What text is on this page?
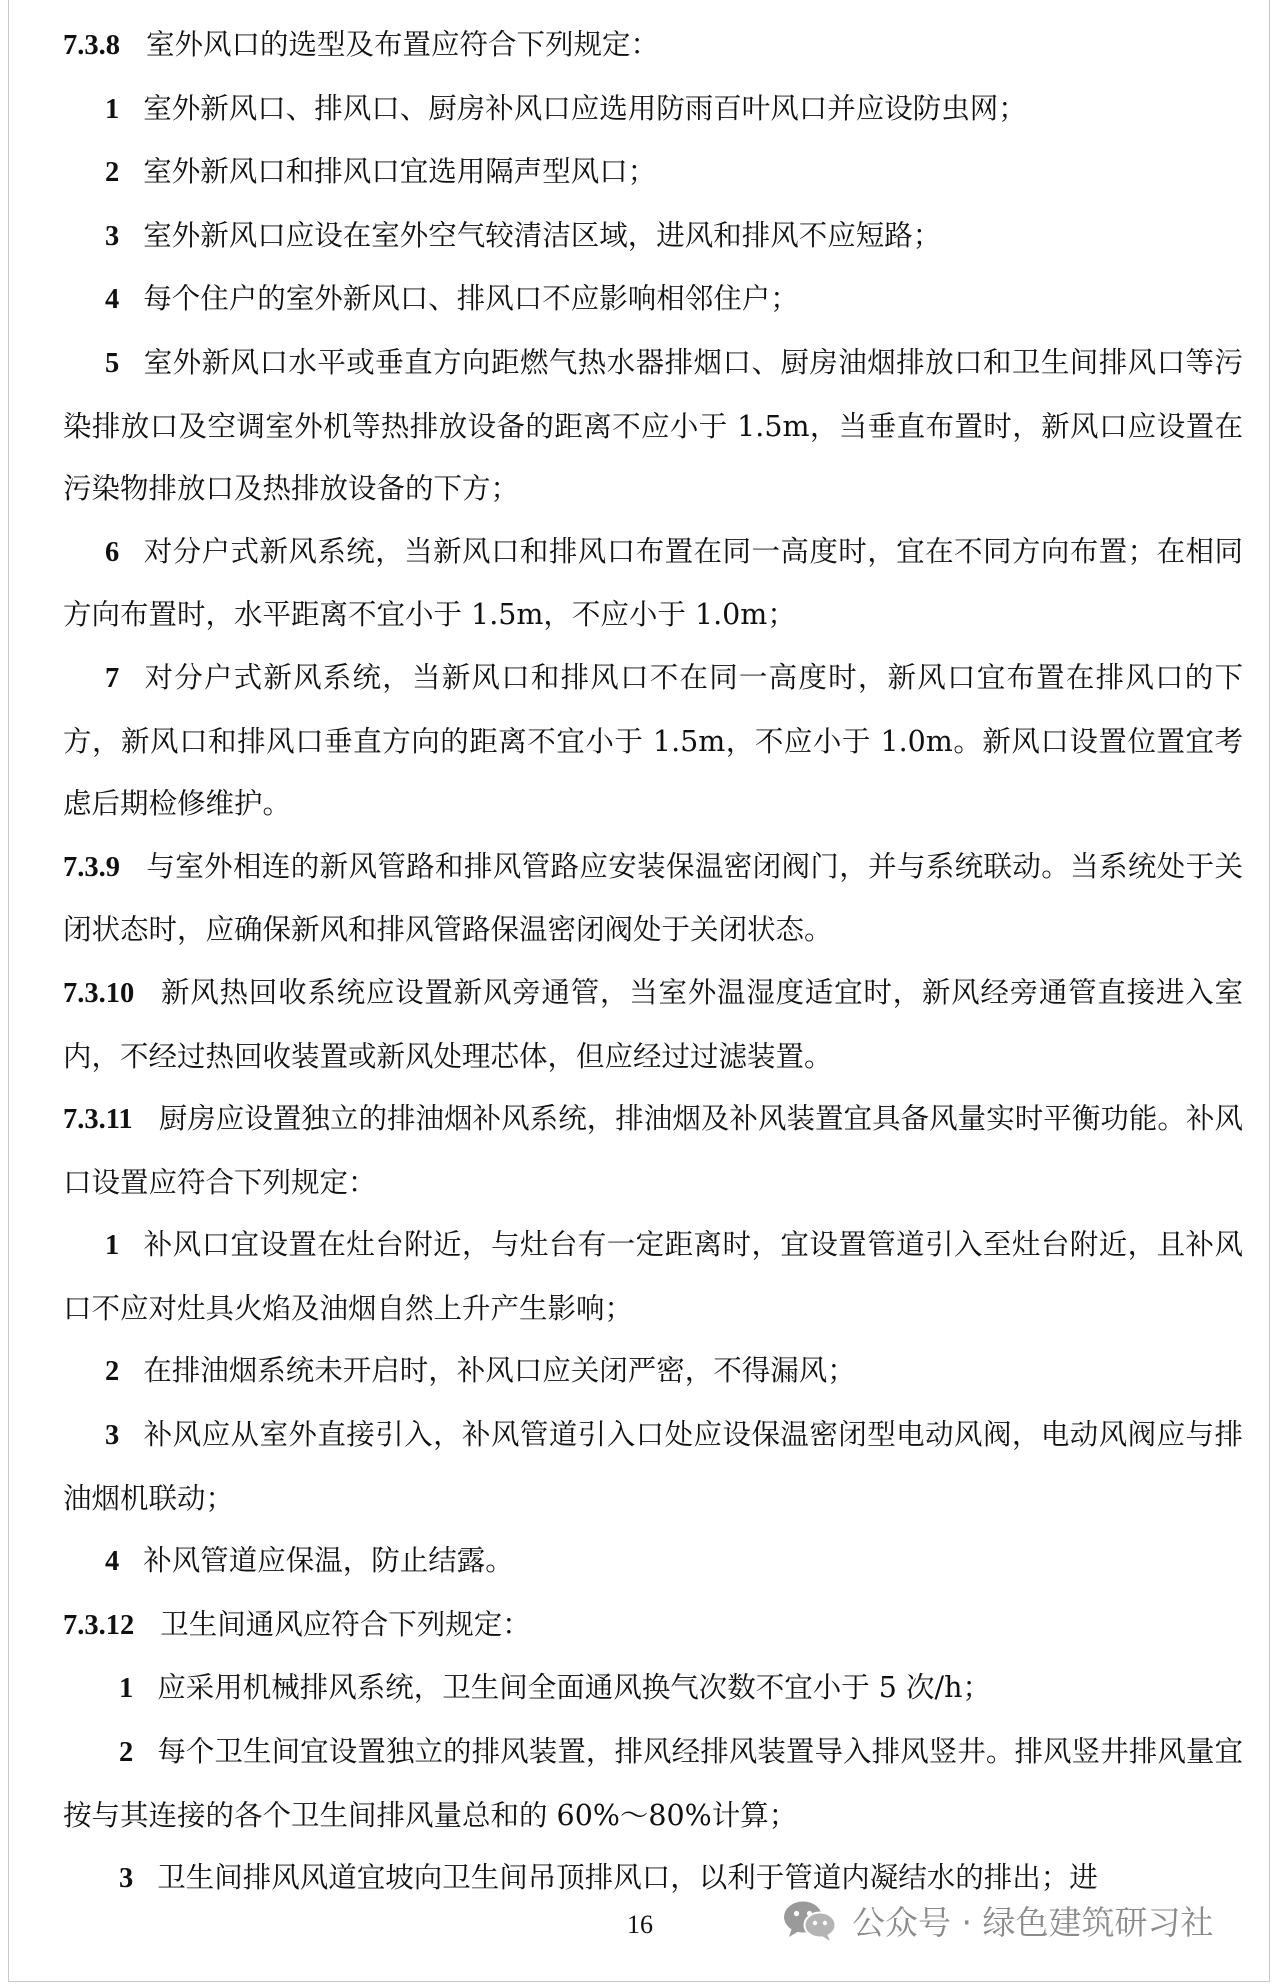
7.3.8 室外风口的选型及布置应符合下列规定：

1 室外新风口、排风口、厨房补风口应选用防雨百叶风口并应设防虫网；

2 室外新风口和排风口宜选用隔声型风口；

3 室外新风口应设在室外空气较清洁区域，进风和排风不应短路；

4 每个住户的室外新风口、排风口不应影响相邻住户；

5 室外新风口水平或垂直方向距燃气热水器排烟口、厨房油烟排放口和卫生间排风口等污染排放口及空调室外机等热排放设备的距离不应小于 1.5m，当垂直布置时，新风口应设置在污染物排放口及热排放设备的下方；

6 对分户式新风系统，当新风口和排风口布置在同一高度时，宜在不同方向布置；在相同方向布置时，水平距离不宜小于 1.5m，不应小于 1.0m；

7 对分户式新风系统，当新风口和排风口不在同一高度时，新风口宜布置在排风口的下方，新风口和排风口垂直方向的距离不宜小于 1.5m，不应小于 1.0m。新风口设置位置宜考虑后期检修维护。

7.3.9 与室外相连的新风管路和排风管路应安装保温密闭阀门，并与系统联动。当系统处于关闭状态时，应确保新风和排风管路保温密闭阀处于关闭状态。

7.3.10 新风热回收系统应设置新风旁通管，当室外温湿度适宜时，新风经旁通管直接进入室内，不经过热回收装置或新风处理芯体，但应经过过滤装置。

7.3.11 厨房应设置独立的排油烟补风系统，排油烟及补风装置宜具备风量实时平衡功能。补风口设置应符合下列规定：

1 补风口宜设置在灶台附近，与灶台有一定距离时，宜设置管道引入至灶台附近，且补风口不应对灶具火焰及油烟自然上升产生影响；

2 在排油烟系统未开启时，补风口应关闭严密，不得漏风；

3 补风应从室外直接引入，补风管道引入口处应设保温密闭型电动风阀，电动风阀应与排油烟机联动；

4 补风管道应保温，防止结露。

7.3.12 卫生间通风应符合下列规定：

1 应采用机械排风系统，卫生间全面通风换气次数不宜小于 5 次/h；

2 每个卫生间宜设置独立的排风装置，排风经排风装置导入排风竖井。排风竖井排风量宜按与其连接的各个卫生间排风量总和的 60%～80%计算；

3 卫生间排风风道宜坡向卫生间吊顶排风口，以利于管道内凝结水的排出；进

16	公众号 · 绿色建筑研习社
